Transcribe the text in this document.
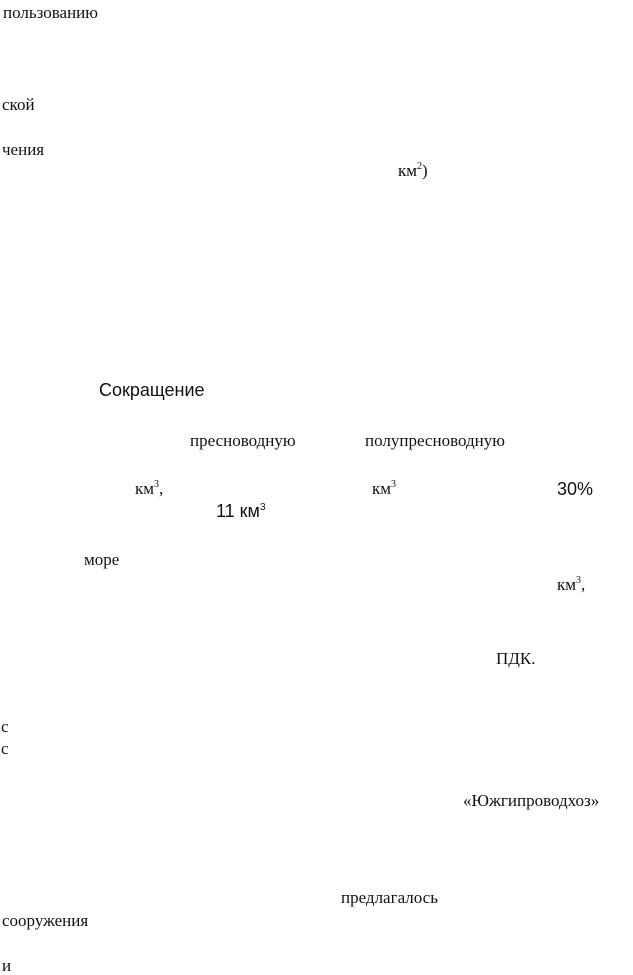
пользованию
ской
чения
$км^2$)
Сокращение
пресноводную	полупресноводную
$км^3$,	$км^3$	30%
11 $км^3$
море
$км^3$,
ПДК.
с
с
«Южгипроводхоз»
предлагалось
сооружения
и
